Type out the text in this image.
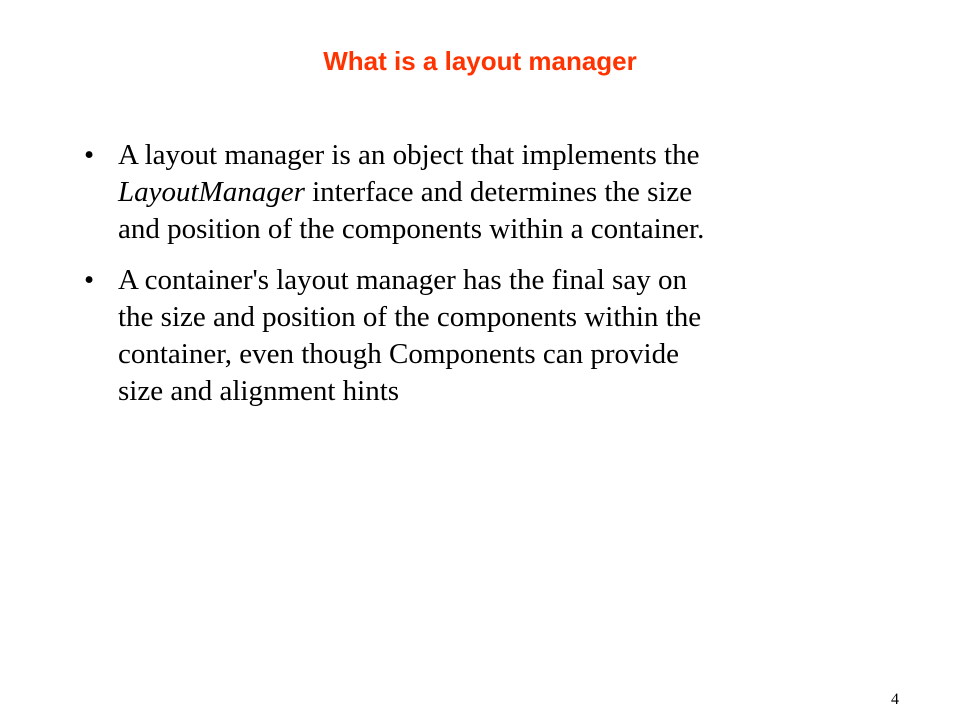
What is a layout manager
• A layout manager is an object that implements the
LayoutManager interface and determines the size
and position of the components within a container.
• A container's layout manager has the final say on
the size and position of the components within the
container, even though Components can provide
size and alignment hints
4
